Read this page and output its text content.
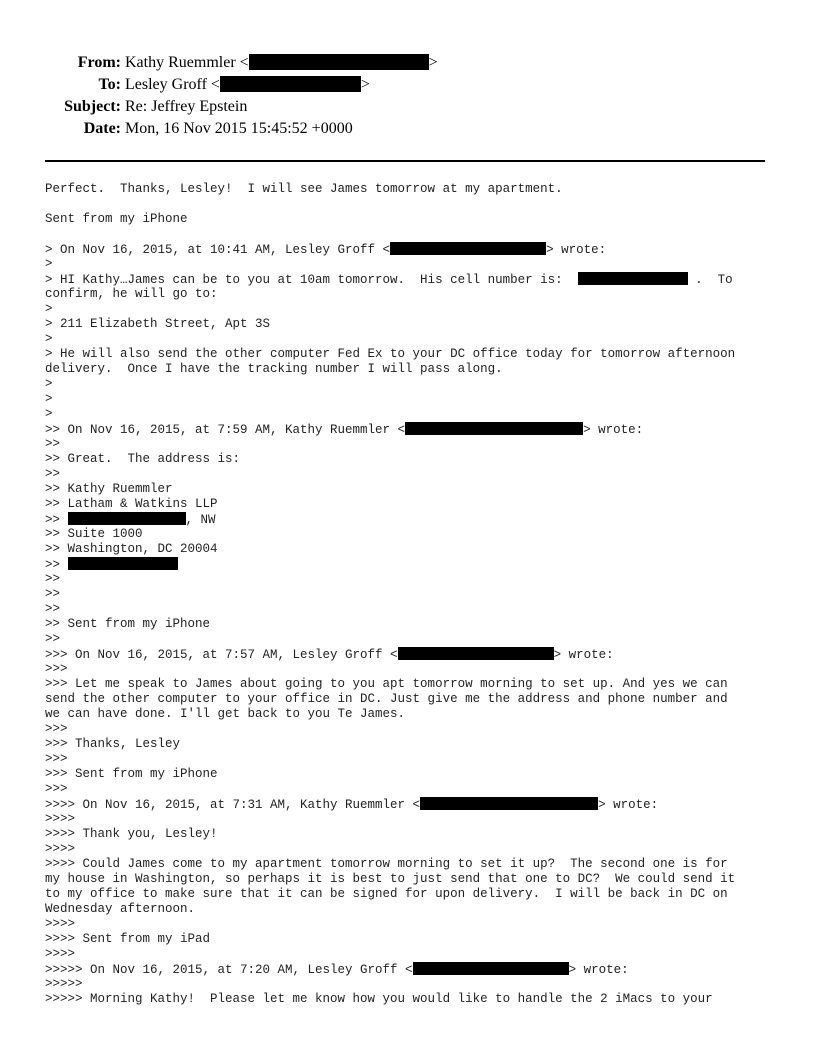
From: Kathy Ruemmler <	>
To: Lesley Groff <	>
Subject: Re: Jeffrey Epstein
Date: Mon, 16 Nov 2015 15:45:52 +0000
Perfect.  Thanks, Lesley!  I will see James tomorrow at my apartment.
Sent from my iPhone
> On Nov 16, 2015, at 10:41 AM, Lesley Groff <	> wrote:
>
> HI Kathy…James can be to you at 10am tomorrow.  His cell number is:	.  To
confirm, he will go to:
>
> 211 Elizabeth Street, Apt 3S
>
> He will also send the other computer Fed Ex to your DC office today for tomorrow afternoon
delivery.  Once I have the tracking number I will pass along.
>
>
>
>> On Nov 16, 2015, at 7:59 AM, Kathy Ruemmler <	> wrote:
>>
>> Great.  The address is:
>>
>> Kathy Ruemmler
>> Latham & Watkins LLP
>>	, NW
>> Suite 1000
>> Washington, DC 20004
>>
>>
>>
>>
>> Sent from my iPhone
>>
>>> On Nov 16, 2015, at 7:57 AM, Lesley Groff <	> wrote:
>>>
>>> Let me speak to James about going to you apt tomorrow morning to set up. And yes we can
send the other computer to your office in DC. Just give me the address and phone number and
we can have done. I'll get back to you Te James.
>>>
>>> Thanks, Lesley
>>>
>>> Sent from my iPhone
>>>
>>>> On Nov 16, 2015, at 7:31 AM, Kathy Ruemmler <	> wrote:
>>>>
>>>> Thank you, Lesley!
>>>>
>>>> Could James come to my apartment tomorrow morning to set it up?  The second one is for
my house in Washington, so perhaps it is best to just send that one to DC?  We could send it
to my office to make sure that it can be signed for upon delivery.  I will be back in DC on
Wednesday afternoon.
>>>>
>>>> Sent from my iPad
>>>>
>>>>> On Nov 16, 2015, at 7:20 AM, Lesley Groff <	> wrote:
>>>>>
>>>>> Morning Kathy!  Please let me know how you would like to handle the 2 iMacs to your
